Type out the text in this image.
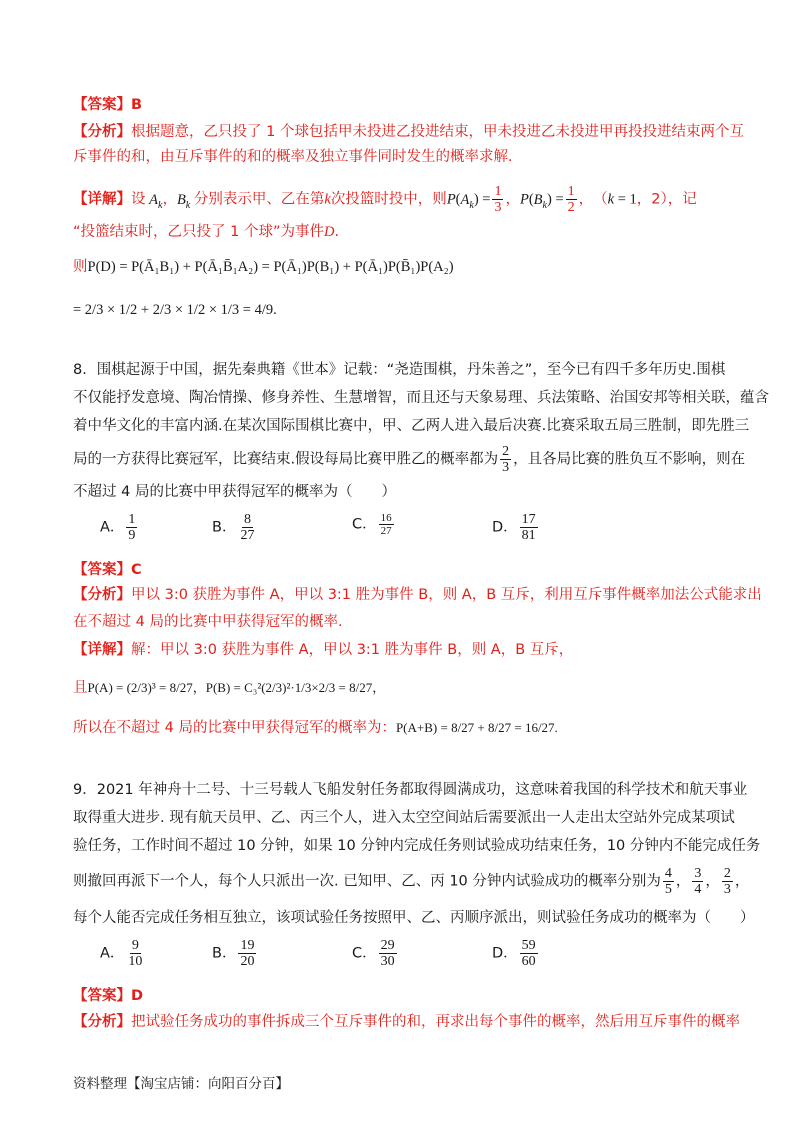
【答案】B
【分析】根据题意，乙只投了 1 个球包括甲未投进乙投进结束，甲未投进乙未投进甲再投投进结束两个互
斥事件的和，由互斥事件的和的概率及独立事件同时发生的概率求解.
【详解】设 $A_k$，$B_k$ 分别表示甲、乙在第k次投篮时投中，则$P(A_k) = \frac{1}{3}$ ，$P(B_k) = \frac{1}{2}$ ，　（k = 1，2），记
“投篮结束时，乙只投了 1 个球”为事件D.
则P(D) = P(Ā₁B₁) + P(Ā₁B̄₁A₂) = P(Ā₁)P(B₁) + P(Ā₁)P(B̄₁)P(A₂)
= 2/3 × 1/2 + 2/3 × 1/2 × 1/3 = 4/9.
8．围棋起源于中国，据先秦典籍《世本》记载：“尧造围棋，丹朱善之”，至今已有四千多年历史.围棋
不仅能抒发意境、陶冶情操、修身养性、生慧增智，而且还与天象易理、兵法策略、治国安邦等相关联，蕴含
着中华文化的丰富内涵.在某次国际围棋比赛中，甲、乙两人进入最后决赛.比赛采取五局三胜制，即先胜三
局的一方获得比赛冠军，比赛结束.假设每局比赛甲胜乙的概率都为 $\frac{2}{3}$ ，且各局比赛的胜负互不影响，则在
不超过 4 局的比赛中甲获得冠军的概率为（　　）
A． $\frac{1}{9}$	B． $\frac{8}{27}$	C． $\frac{16}{27}$	D． $\frac{17}{81}$
【答案】C
【分析】甲以 3:0 获胜为事件 A，甲以 3:1 胜为事件 B，则 A，B 互斥，利用互斥事件概率加法公式能求出
在不超过 4 局的比赛中甲获得冠军的概率.
【详解】解：甲以 3:0 获胜为事件 A，甲以 3:1 胜为事件 B，则 A，B 互斥，
且P(A) = (2/3)³ = 8/27，P(B) = C₃²(2/3)²·1/3×2/3 = 8/27，
所以在不超过 4 局的比赛中甲获得冠军的概率为：P(A+B) = 8/27 + 8/27 = 16/27.
9．2021 年神舟十二号、十三号载人飞船发射任务都取得圆满成功，这意味着我国的科学技术和航天事业
取得重大进步. 现有航天员甲、乙、丙三个人，进入太空空间站后需要派出一人走出太空站外完成某项试
验任务，工作时间不超过 10 分钟，如果 10 分钟内完成任务则试验成功结束任务，10 分钟内不能完成任务
则撤回再派下一个人，每个人只派出一次. 已知甲、乙、丙 10 分钟内试验成功的概率分别为 $\frac{4}{5}$ ， $\frac{3}{4}$ ， $\frac{2}{3}$ ，
每个人能否完成任务相互独立，该项试验任务按照甲、乙、丙顺序派出，则试验任务成功的概率为（　　）
A． $\frac{9}{10}$	B． $\frac{19}{20}$	C． $\frac{29}{30}$	D． $\frac{59}{60}$
【答案】D
【分析】把试验任务成功的事件拆成三个互斥事件的和，再求出每个事件的概率，然后用互斥事件的概率
资料整理【淘宝店铺：向阳百分百】
